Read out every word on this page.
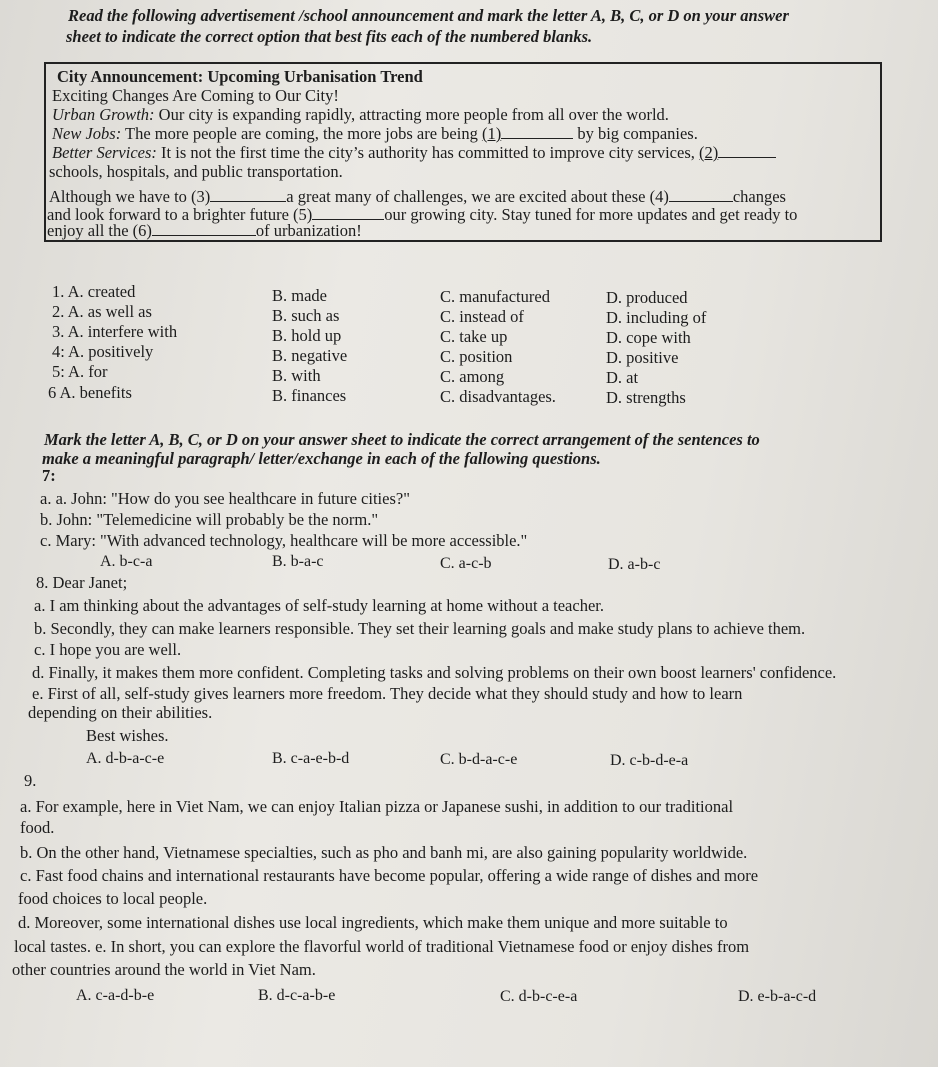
Read the following advertisement /school announcement and mark the letter A, B, C, or D on your answer
sheet to indicate the correct option that best fits each of the numbered blanks.
City Announcement: Upcoming Urbanisation Trend
Exciting Changes Are Coming to Our City!
Urban Growth: Our city is expanding rapidly, attracting more people from all over the world.
New Jobs: The more people are coming, the more jobs are being (1)	by big companies.
Better Services: It is not the first time the city’s authority has committed to improve city services, (2)
schools, hospitals, and public transportation.
Although we have to (3)	a great many of challenges, we are excited about these (4)	changes
and look forward to a brighter future (5)	our growing city. Stay tuned for more updates and get ready to
enjoy all the (6)	of urbanization!
1. A. created	B. made	C. manufactured	D. produced
2. A. as well as	B. such as	C. instead of	D. including of
3. A. interfere with	B. hold up	C. take up	D. cope with
4: A. positively	B. negative	C. position	D. positive
5: A. for	B. with	C. among	D. at
6 A. benefits	B. finances	C. disadvantages.	D. strengths
Mark the letter A, B, C, or D on your answer sheet to indicate the correct arrangement of the sentences to
make a meaningful paragraph/ letter/exchange in each of the fallowing questions.
7:
a. a. John: "How do you see healthcare in future cities?"
b. John: "Telemedicine will probably be the norm."
c. Mary: "With advanced technology, healthcare will be more accessible."
A. b-c-a	B. b-a-c	C. a-c-b	D. a-b-c
8. Dear Janet;
a. I am thinking about the advantages of self-study learning at home without a teacher.
b. Secondly, they can make learners responsible. They set their learning goals and make study plans to achieve them.
c. I hope you are well.
d. Finally, it makes them more confident. Completing tasks and solving problems on their own boost learners' confidence.
e. First of all, self-study gives learners more freedom. They decide what they should study and how to learn
depending on their abilities.
Best wishes.
A. d-b-a-c-e	B. c-a-e-b-d	C. b-d-a-c-e	D. c-b-d-e-a
9.
a. For example, here in Viet Nam, we can enjoy Italian pizza or Japanese sushi, in addition to our traditional
food.
b. On the other hand, Vietnamese specialties, such as pho and banh mi, are also gaining popularity worldwide.
c. Fast food chains and international restaurants have become popular, offering a wide range of dishes and more
food choices to local people.
d. Moreover, some international dishes use local ingredients, which make them unique and more suitable to
local tastes. e. In short, you can explore the flavorful world of traditional Vietnamese food or enjoy dishes from
other countries around the world in Viet Nam.
A. c-a-d-b-e	B. d-c-a-b-e	C. d-b-c-e-a	D. e-b-a-c-d
